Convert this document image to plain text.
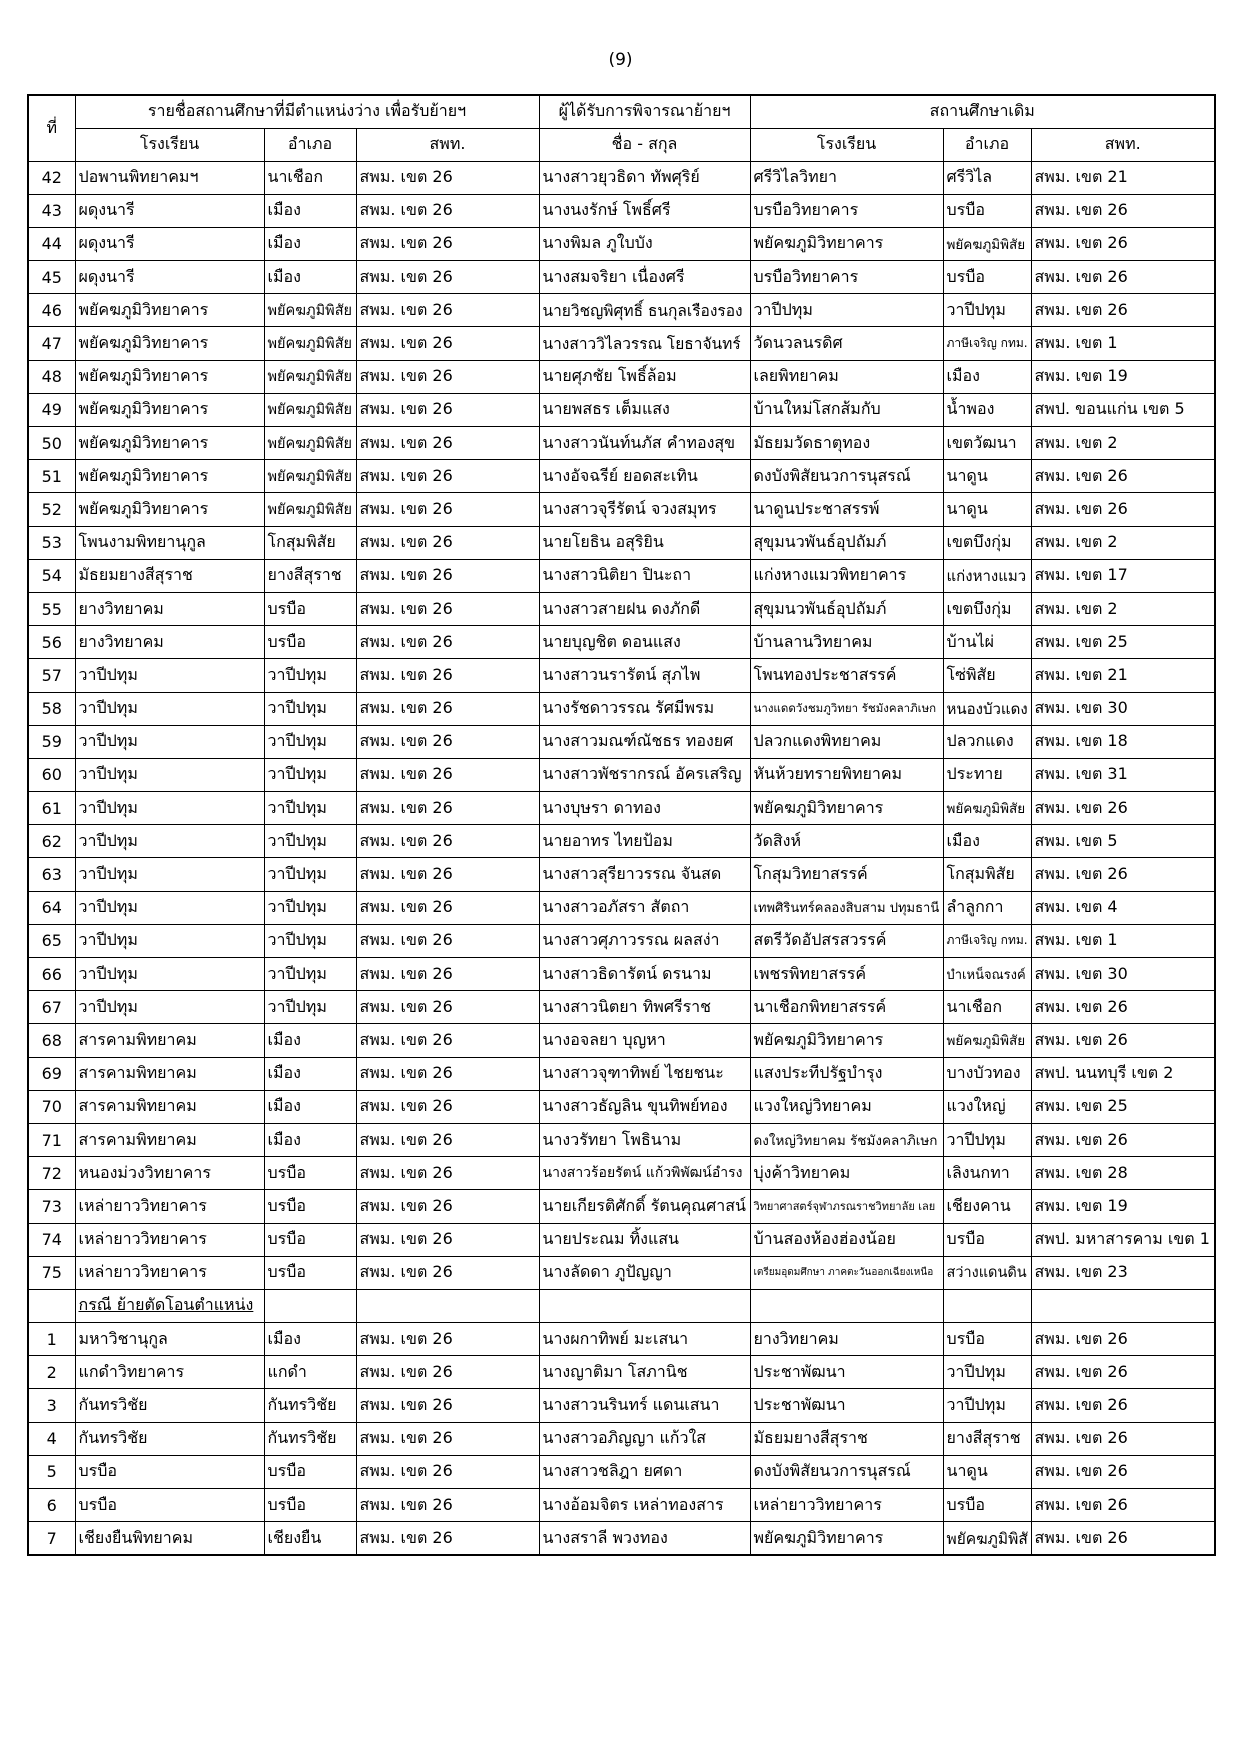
(9)
ที่	รายชื่อสถานศึกษาที่มีตำแหน่งว่าง เพื่อรับย้ายฯ			ผู้ได้รับการพิจารณาย้ายฯ	สถานศึกษาเดิม		
	โรงเรียน	อำเภอ	สพท.	ชื่อ - สกุล	โรงเรียน	อำเภอ	สพท.
42	ปอพานพิทยาคมฯ	นาเชือก	สพม. เขต 26	นางสาวยุวธิดา ทัพศุริย์	ศรีวิไลวิทยา	ศรีวิไล	สพม. เขต 21
43	ผดุงนารี	เมือง	สพม. เขต 26	นางนงรักษ์ โพธิ์ศรี	บรบือวิทยาคาร	บรบือ	สพม. เขต 26
44	ผดุงนารี	เมือง	สพม. เขต 26	นางพิมล ภูใบบัง	พยัคฆภูมิวิทยาคาร	พยัคฆภูมิพิสัย	สพม. เขต 26
45	ผดุงนารี	เมือง	สพม. เขต 26	นางสมจริยา เนื่องศรี	บรบือวิทยาคาร	บรบือ	สพม. เขต 26
46	พยัคฆภูมิวิทยาคาร	พยัคฆภูมิพิสัย	สพม. เขต 26	นายวิชญพิศุทธิ์ ธนกุลเรืองรอง	วาปีปทุม	วาปีปทุม	สพม. เขต 26
47	พยัคฆภูมิวิทยาคาร	พยัคฆภูมิพิสัย	สพม. เขต 26	นางสาววิไลวรรณ โยธาจันทร์	วัดนวลนรดิศ	ภาษีเจริญ กทม.	สพม. เขต 1
48	พยัคฆภูมิวิทยาคาร	พยัคฆภูมิพิสัย	สพม. เขต 26	นายศุภชัย โพธิ์ล้อม	เลยพิทยาคม	เมือง	สพม. เขต 19
49	พยัคฆภูมิวิทยาคาร	พยัคฆภูมิพิสัย	สพม. เขต 26	นายพสธร เต็มแสง	บ้านใหม่โสกส้มกับ	น้ำพอง	สพป. ขอนแก่น เขต 5
50	พยัคฆภูมิวิทยาคาร	พยัคฆภูมิพิสัย	สพม. เขต 26	นางสาวนันท์นภัส คำทองสุข	มัธยมวัดธาตุทอง	เขตวัฒนา	สพม. เขต 2
51	พยัคฆภูมิวิทยาคาร	พยัคฆภูมิพิสัย	สพม. เขต 26	นางอัจฉรีย์ ยอดสะเทิน	ดงบังพิสัยนวการนุสรณ์	นาดูน	สพม. เขต 26
52	พยัคฆภูมิวิทยาคาร	พยัคฆภูมิพิสัย	สพม. เขต 26	นางสาวจุรีรัตน์ จวงสมุทร	นาดูนประชาสรรพ์	นาดูน	สพม. เขต 26
53	โพนงามพิทยานุกูล	โกสุมพิสัย	สพม. เขต 26	นายโยธิน อสุริยิน	สุขุมนวพันธ์อุปถัมภ์	เขตบึงกุ่ม	สพม. เขต 2
54	มัธยมยางสีสุราช	ยางสีสุราช	สพม. เขต 26	นางสาวนิติยา ปินะถา	แก่งหางแมวพิทยาคาร	แก่งหางแมว	สพม. เขต 17
55	ยางวิทยาคม	บรบือ	สพม. เขต 26	นางสาวสายฝน ดงภักดี	สุขุมนวพันธ์อุปถัมภ์	เขตบึงกุ่ม	สพม. เขต 2
56	ยางวิทยาคม	บรบือ	สพม. เขต 26	นายบุญชิต ดอนแสง	บ้านลานวิทยาคม	บ้านไผ่	สพม. เขต 25
57	วาปีปทุม	วาปีปทุม	สพม. เขต 26	นางสาวนรารัตน์ สุภไพ	โพนทองประชาสรรค์	โซ่พิสัย	สพม. เขต 21
58	วาปีปทุม	วาปีปทุม	สพม. เขต 26	นางรัชดาวรรณ รัศมีพรม	นางแดดวังชมภูวิทยา รัชมังคลาภิเษก	หนองบัวแดง	สพม. เขต 30
59	วาปีปทุม	วาปีปทุม	สพม. เขต 26	นางสาวมณฑ์ณัชธร ทองยศ	ปลวกแดงพิทยาคม	ปลวกแดง	สพม. เขต 18
60	วาปีปทุม	วาปีปทุม	สพม. เขต 26	นางสาวพัชรากรณ์ อัครเสริญ	หันห้วยทรายพิทยาคม	ประทาย	สพม. เขต 31
61	วาปีปทุม	วาปีปทุม	สพม. เขต 26	นางบุษรา ดาทอง	พยัคฆภูมิวิทยาคาร	พยัคฆภูมิพิสัย	สพม. เขต 26
62	วาปีปทุม	วาปีปทุม	สพม. เขต 26	นายอาทร ไทยป้อม	วัดสิงห์	เมือง	สพม. เขต 5
63	วาปีปทุม	วาปีปทุม	สพม. เขต 26	นางสาวสุรียาวรรณ จันสด	โกสุมวิทยาสรรค์	โกสุมพิสัย	สพม. เขต 26
64	วาปีปทุม	วาปีปทุม	สพม. เขต 26	นางสาวอภัสรา สัตถา	เทพศิรินทร์คลองสิบสาม ปทุมธานี	ลำลูกกา	สพม. เขต 4
65	วาปีปทุม	วาปีปทุม	สพม. เขต 26	นางสาวศุภาวรรณ ผลสง่า	สตรีวัดอัปสรสวรรค์	ภาษีเจริญ กทม.	สพม. เขต 1
66	วาปีปทุม	วาปีปทุม	สพม. เขต 26	นางสาวธิดารัตน์ ดรนาม	เพชรพิทยาสรรค์	บำเหน็จณรงค์	สพม. เขต 30
67	วาปีปทุม	วาปีปทุม	สพม. เขต 26	นางสาวนิตยา ทิพศรีราช	นาเชือกพิทยาสรรค์	นาเชือก	สพม. เขต 26
68	สารคามพิทยาคม	เมือง	สพม. เขต 26	นางอจลยา บุญหา	พยัคฆภูมิวิทยาคาร	พยัคฆภูมิพิสัย	สพม. เขต 26
69	สารคามพิทยาคม	เมือง	สพม. เขต 26	นางสาวจุฑาทิพย์ ไชยชนะ	แสงประทีปรัฐบำรุง	บางบัวทอง	สพป. นนทบุรี เขต 2
70	สารคามพิทยาคม	เมือง	สพม. เขต 26	นางสาวธัญลิน ขุนทิพย์ทอง	แวงใหญ่วิทยาคม	แวงใหญ่	สพม. เขต 25
71	สารคามพิทยาคม	เมือง	สพม. เขต 26	นางวรัทยา โพธินาม	ดงใหญ่วิทยาคม รัชมังคลาภิเษก	วาปีปทุม	สพม. เขต 26
72	หนองม่วงวิทยาคาร	บรบือ	สพม. เขต 26	นางสาวร้อยรัตน์ แก้วพิพัฒน์อำรง	บุ่งค้าวิทยาคม	เลิงนกทา	สพม. เขต 28
73	เหล่ายาววิทยาคาร	บรบือ	สพม. เขต 26	นายเกียรติศักดิ์ รัตนคุณศาสน์	วิทยาศาสตร์จุฬาภรณราชวิทยาลัย เลย	เชียงคาน	สพม. เขต 19
74	เหล่ายาววิทยาคาร	บรบือ	สพม. เขต 26	นายประณม ทิ้งแสน	บ้านสองห้องฮ่องน้อย	บรบือ	สพป. มหาสารคาม เขต 1
75	เหล่ายาววิทยาคาร	บรบือ	สพม. เขต 26	นางลัดดา ภูปัญญา	เตรียมอุดมศึกษา ภาคตะวันออกเฉียงเหนือ	สว่างแดนดิน	สพม. เขต 23
	กรณี ย้ายตัดโอนตำแหน่ง						
1	มหาวิชานุกูล	เมือง	สพม. เขต 26	นางผกาทิพย์ มะเสนา	ยางวิทยาคม	บรบือ	สพม. เขต 26
2	แกดำวิทยาคาร	แกดำ	สพม. เขต 26	นางญาติมา โสภานิช	ประชาพัฒนา	วาปีปทุม	สพม. เขต 26
3	กันทรวิชัย	กันทรวิชัย	สพม. เขต 26	นางสาวนรินทร์ แดนเสนา	ประชาพัฒนา	วาปีปทุม	สพม. เขต 26
4	กันทรวิชัย	กันทรวิชัย	สพม. เขต 26	นางสาวอภิญญา แก้วใส	มัธยมยางสีสุราช	ยางสีสุราช	สพม. เขต 26
5	บรบือ	บรบือ	สพม. เขต 26	นางสาวชลิฎา ยศดา	ดงบังพิสัยนวการนุสรณ์	นาดูน	สพม. เขต 26
6	บรบือ	บรบือ	สพม. เขต 26	นางอ้อมจิตร เหล่าทองสาร	เหล่ายาววิทยาคาร	บรบือ	สพม. เขต 26
7	เชียงยืนพิทยาคม	เชียงยืน	สพม. เขต 26	นางสราลี พวงทอง	พยัคฆภูมิวิทยาคาร	พยัคฆภูมิพิสั	สพม. เขต 26
